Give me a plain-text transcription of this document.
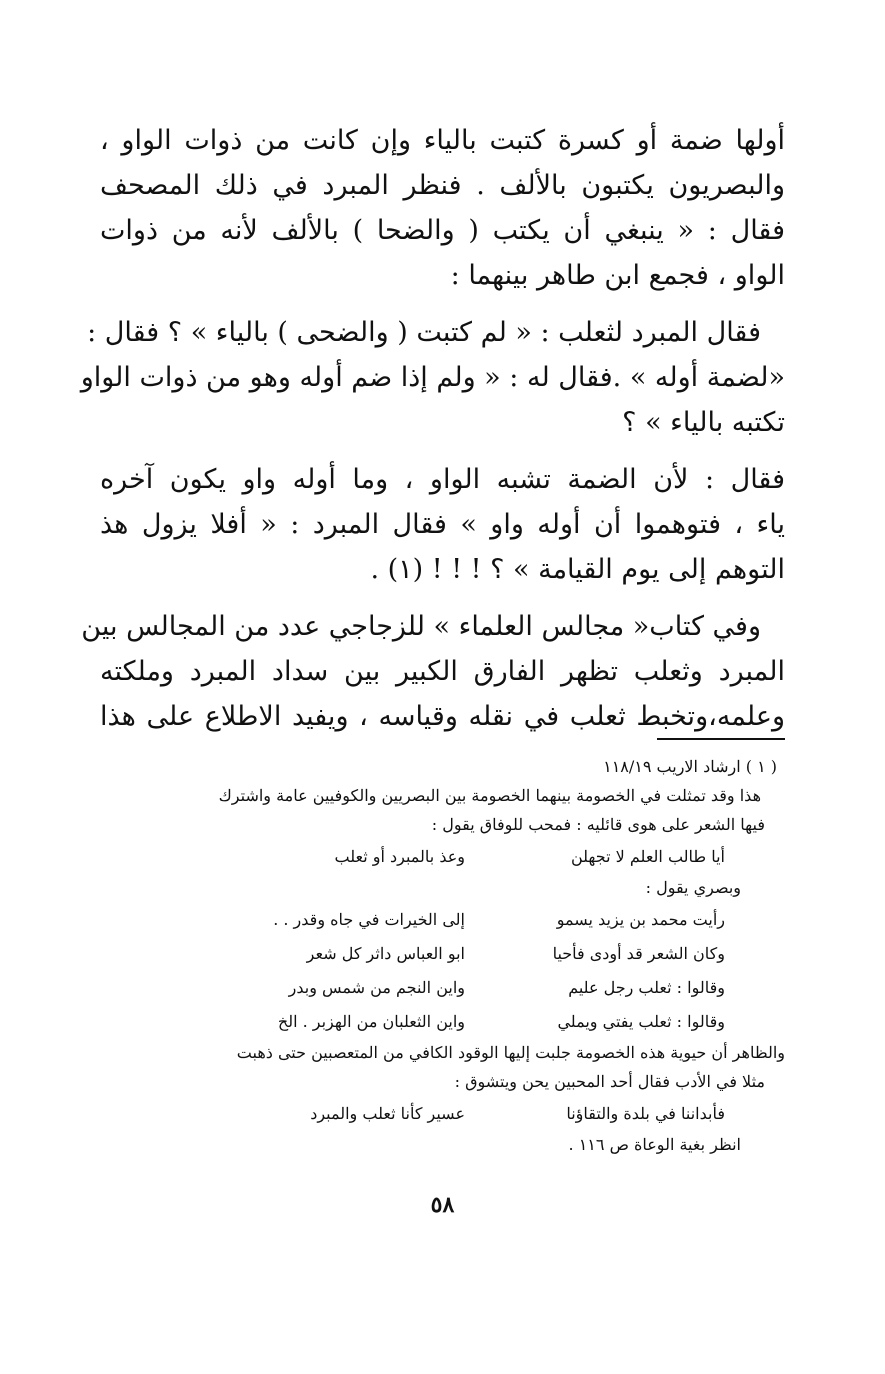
أولها ضمة أو كسرة كتبت بالياء وإن كانت من ذوات الواو ،
والبصريون يكتبون بالألف . فنظر المبرد في ذلك المصحف
فقال : « ينبغي أن يكتب ( والضحا ) بالألف لأنه من ذوات
الواو ، فجمع ابن طاهر بينهما :

فقال المبرد لثعلب : « لم كتبت ( والضحى ) بالياء » ؟ فقال :
«لضمة أوله » .فقال له : « ولم إذا ضم أوله وهو من ذوات الواو
تكتبه بالياء » ؟

فقال : لأن الضمة تشبه الواو ، وما أوله واو يكون آخره
ياء ، فتوهموا أن أوله واو » فقال المبرد : « أفلا يزول هذ
التوهم إلى يوم القيامة » ؟ ! ! ! (١) .

وفي كتاب« مجالس العلماء » للزجاجي عدد من المجالس بين
المبرد وثعلب تظهر الفارق الكبير بين سداد المبرد وملكته
وعلمه،وتخبط ثعلب في نقله وقياسه ، ويفيد الاطلاع على هذا

( ١ ) ارشاد الاريب ١١٨/١٩
هذا وقد تمثلت في الخصومة بينهما الخصومة بين البصريين والكوفيين عامة واشترك
فيها الشعر على هوى قائليه : فمحب للوفاق يقول :
أيا طالب العلم لا تجهلن
وعذ بالمبرد أو ثعلب
وبصري يقول :
رأيت محمد بن يزيد يسمو
إلى الخيرات في جاه وقدر . .
وكان الشعر قد أودى فأحيا
ابو العباس داثر كل شعر
وقالوا : ثعلب رجل عليم
واين النجم من شمس وبدر
وقالوا : ثعلب يفتي ويملي
واين الثعلبان من الهزبر . الخ
والظاهر أن حيوية هذه الخصومة جلبت إليها الوقود الكافي من المتعصبين حتى ذهبت
مثلا في الأدب فقال أحد المحبين يحن ويتشوق :
فأبداننا في بلدة والتقاؤنا
عسير كأنا ثعلب والمبرد
انظر بغية الوعاة ص ١١٦ .
٥٨
